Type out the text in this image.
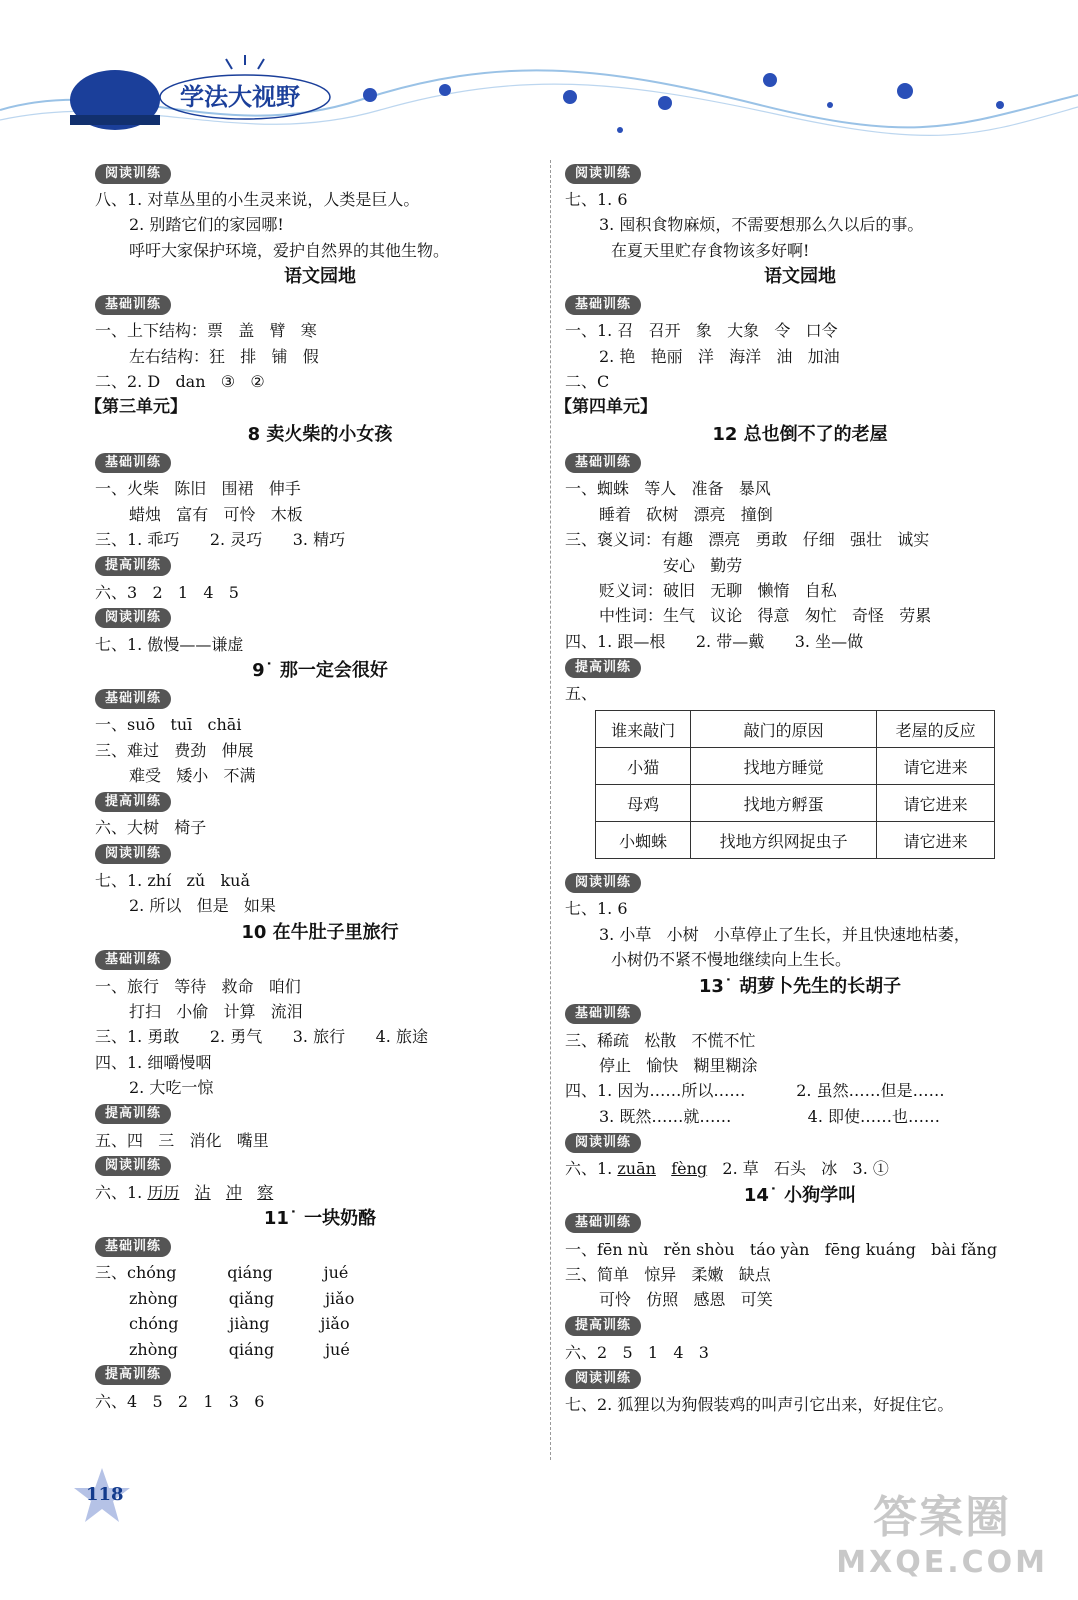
学法大视野
阅读训练
八、1. 对草丛里的小生灵来说，人类是巨人。
2. 别踏它们的家园哪!
呼吁大家保护环境，爱护自然界的其他生物。
语文园地
基础训练
一、上下结构：票   盖   臂   寒
左右结构：狂   排   铺   假
二、2. D   dan   ③   ②
【第三单元】
8 卖火柴的小女孩
基础训练
一、火柴   陈旧   围裙   伸手
蜡烛   富有   可怜   木板
三、1. 乖巧      2. 灵巧      3. 精巧
提高训练
六、3   2   1   4   5
阅读训练
七、1. 傲慢——谦虚
9˙ 那一定会很好
基础训练
一、suō   tuī   chāi
三、难过   费劲   伸展
难受   矮小   不满
提高训练
六、大树   椅子
阅读训练
七、1. zhí   zǔ   kuǎ
2. 所以   但是   如果
10 在牛肚子里旅行
基础训练
一、旅行   等待   救命   咱们
打扫   小偷   计算   流泪
三、1. 勇敢      2. 勇气      3. 旅行      4. 旅途
四、1. 细嚼慢咽
2. 大吃一惊
提高训练
五、四   三   消化   嘴里
阅读训练
六、1. 历历 沾 冲 察
11˙ 一块奶酪
基础训练
三、chóng          qiáng          jué
zhòng          qiǎng          jiǎo
chóng          jiàng          jiǎo
zhòng          qiáng          jué
提高训练
六、4   5   2   1   3   6
阅读训练
七、1. 6
3. 囤积食物麻烦，不需要想那么久以后的事。
在夏天里贮存食物该多好啊!
语文园地
基础训练
一、1. 召   召开   象   大象   令   口令
2. 艳   艳丽   洋   海洋   油   加油
二、C
【第四单元】
12 总也倒不了的老屋
基础训练
一、蜘蛛   等人   准备   暴风
睡着   砍树   漂亮   撞倒
三、褒义词：有趣   漂亮   勇敢   仔细   强壮   诚实
安心   勤劳
贬义词：破旧   无聊   懒惰   自私
中性词：生气   议论   得意   匆忙   奇怪   劳累
四、1. 跟—根      2. 带—戴      3. 坐—做
提高训练
五、
谁来敲门	敲门的原因	老屋的反应
小猫	找地方睡觉	请它进来
母鸡	找地方孵蛋	请它进来
小蜘蛛	找地方织网捉虫子	请它进来
阅读训练
七、1. 6
3. 小草   小树   小草停止了生长，并且快速地枯萎，
小树仍不紧不慢地继续向上生长。
13˙ 胡萝卜先生的长胡子
基础训练
三、稀疏   松散   不慌不忙
停止   愉快   糊里糊涂
四、1. 因为……所以……          2. 虽然……但是……
3. 既然……就……               4. 即使……也……
阅读训练
六、1. zuān fèng   2. 草   石头   冰   3. ①
14˙ 小狗学叫
基础训练
一、fēn nù   rěn shòu   táo yàn   fēng kuáng   bài fǎng
三、简单   惊异   柔嫩   缺点
可怜   仿照   感恩   可笑
提高训练
六、2   5   1   4   3
阅读训练
七、2. 狐狸以为狗假装鸡的叫声引它出来，好捉住它。
118	答案圈
MXQE.COM
